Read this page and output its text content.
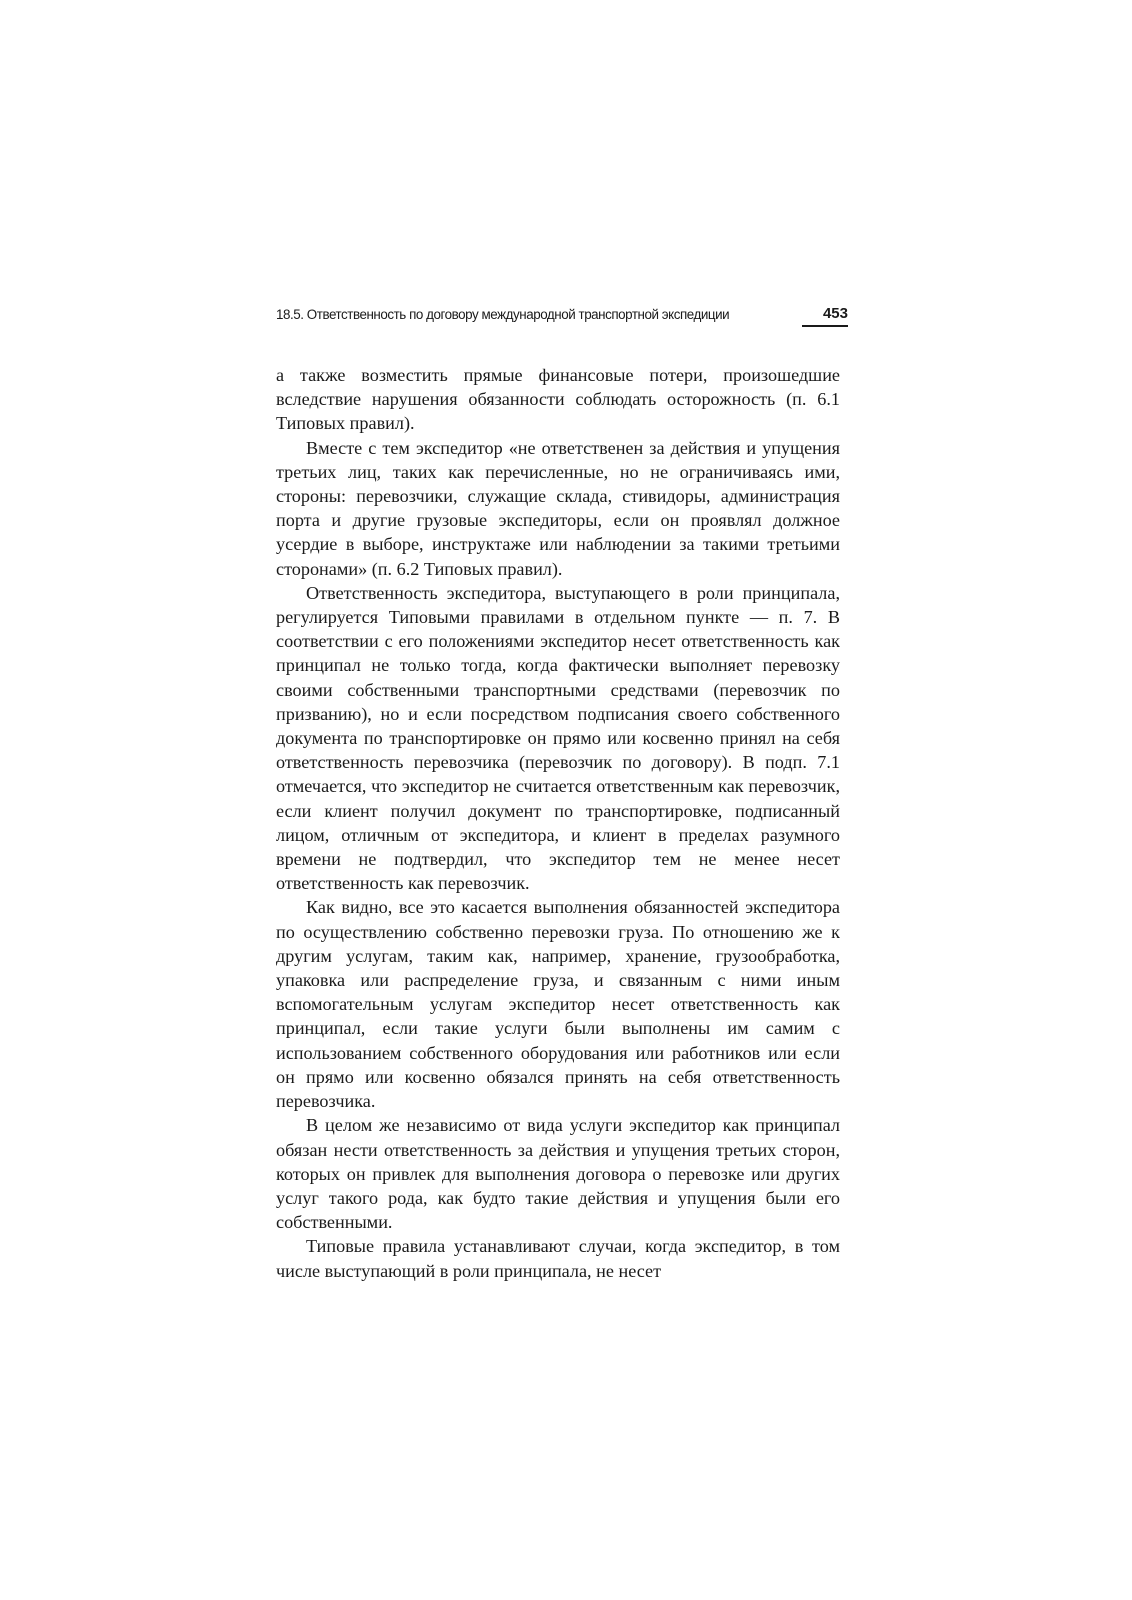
18.5. Ответственность по договору международной транспортной экспедиции	453

а также возместить прямые финансовые потери, произошедшие вследствие нарушения обязанности соблюдать осторожность (п. 6.1 Типовых правил).

Вместе с тем экспедитор «не ответственен за действия и упущения третьих лиц, таких как перечисленные, но не ограничиваясь ими, стороны: перевозчики, служащие склада, стивидоры, администрация порта и другие грузовые экспедиторы, если он проявлял должное усердие в выборе, инструктаже или наблюдении за такими третьими сторонами» (п. 6.2 Типовых правил).

Ответственность экспедитора, выступающего в роли принципала, регулируется Типовыми правилами в отдельном пункте — п. 7. В соответствии с его положениями экспедитор несет ответственность как принципал не только тогда, когда фактически выполняет перевозку своими собственными транспортными средствами (перевозчик по призванию), но и если посредством подписания своего собственного документа по транспортировке он прямо или косвенно принял на себя ответственность перевозчика (перевозчик по договору). В подп. 7.1 отмечается, что экспедитор не считается ответственным как перевозчик, если клиент получил документ по транспортировке, подписанный лицом, отличным от экспедитора, и клиент в пределах разумного времени не подтвердил, что экспедитор тем не менее несет ответственность как перевозчик.

Как видно, все это касается выполнения обязанностей экспедитора по осуществлению собственно перевозки груза. По отношению же к другим услугам, таким как, например, хранение, грузообработка, упаковка или распределение груза, и связанным с ними иным вспомогательным услугам экспедитор несет ответственность как принципал, если такие услуги были выполнены им самим с использованием собственного оборудования или работников или если он прямо или косвенно обязался принять на себя ответственность перевозчика.

В целом же независимо от вида услуги экспедитор как принципал обязан нести ответственность за действия и упущения третьих сторон, которых он привлек для выполнения договора о перевозке или других услуг такого рода, как будто такие действия и упущения были его собственными.

Типовые правила устанавливают случаи, когда экспедитор, в том числе выступающий в роли принципала, не несет
